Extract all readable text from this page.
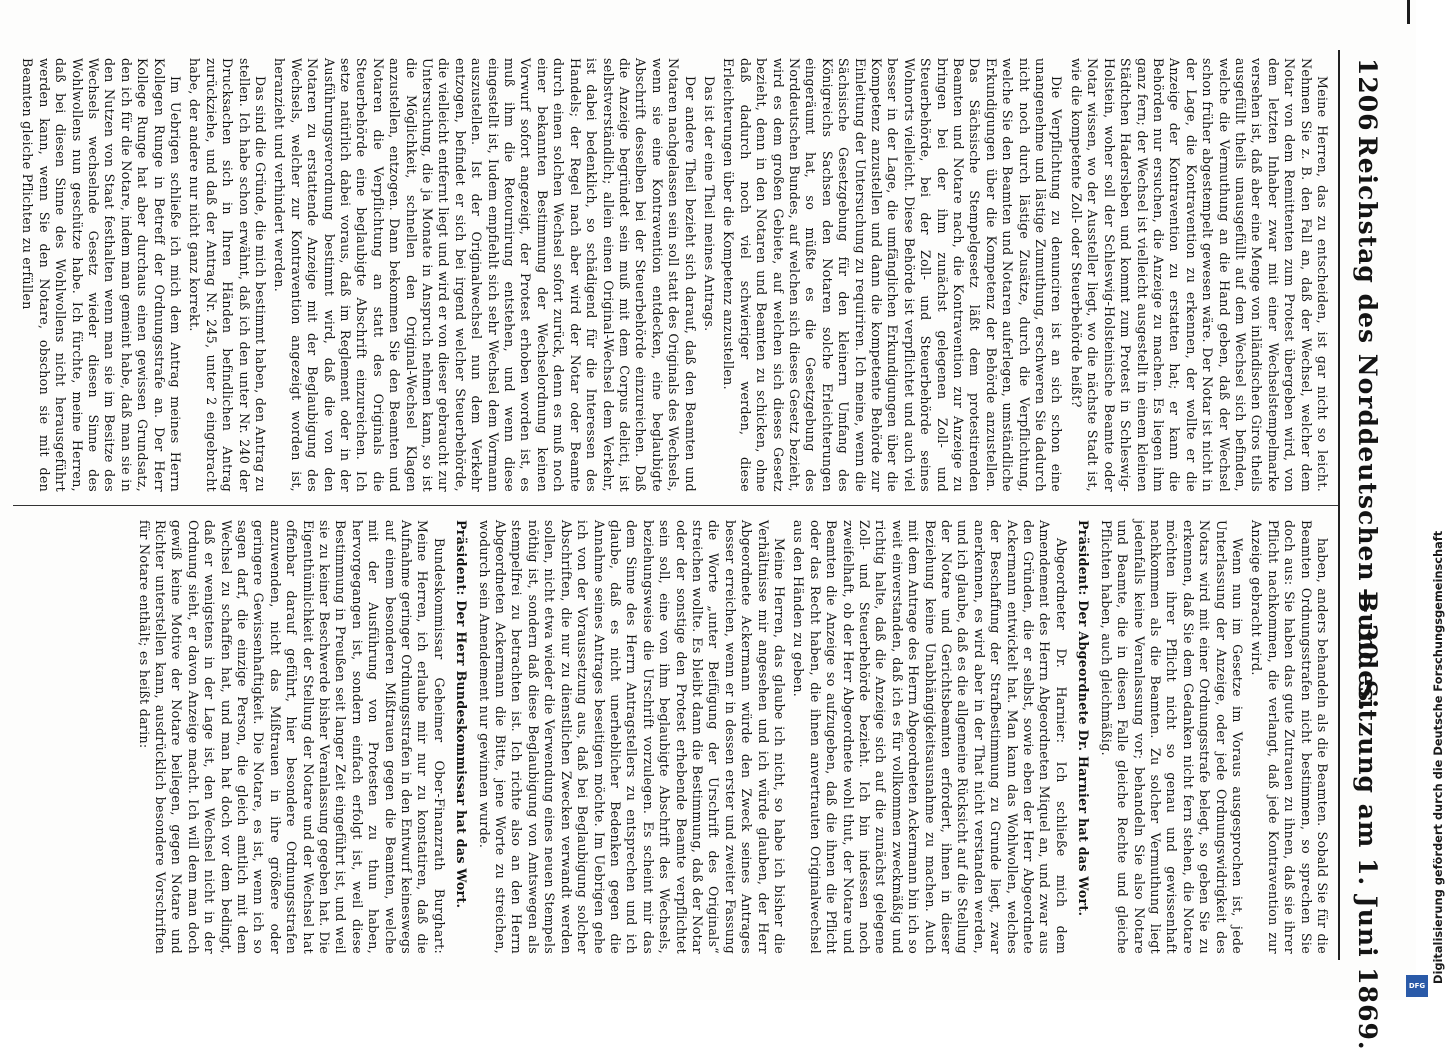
1206
Reichstag des Norddeutschen Bundes.
— 30. Sitzung am 1. Juni 1869.

Meine Herren, das zu entscheiden, ist gar nicht so leicht. Nehmen Sie z. B. den Fall an, daß der Wechsel, welcher dem Notar von dem Remittenten zum Protest übergeben wird, von dem letzten Inhaber zwar mit einer Wechselstempelmarke versehen ist, daß aber eine Menge von inländischen Giros theils ausgefüllt theils unausgefüllt auf dem Wechsel sich befinden, welche die Vermuthung an die Hand geben, daß der Wechsel schon früher abgestempelt gewesen wäre. Der Notar ist nicht in der Lage, die Kontravention zu erkennen, der wollte er die Anzeige der Kontravention zu erstatten hat; er kann die Behörden nur ersuchen, die Anzeige zu machen. Es liegen ihm ganz fern; der Wechsel ist vielleicht ausgestellt in einem kleinen Städtchen Hadersleben und kommt zum Protest in Schleswig-Holstein, woher soll der Schleswig-Holsteinische Beamte oder Notar wissen, wo der Aussteller liegt, wo die nächste Stadt ist, wie die kompetente Zoll- oder Steuerbehörde heißt?

Die Verpflichtung zu denunciren ist an sich schon eine unangenehme und lästige Zumuthung, erschweren Sie dadurch nicht noch durch lästige Zusätze, durch die Verpflichtung, welche Sie den Beamten und Notaren auferlegen, umständliche Erkundigungen über die Kompetenz der Behörde anzustellen. Das Sächsische Stempelgesetz läßt dem protestirenden Beamten und Notare nach, die Kontravention zur Anzeige zu bringen bei der ihm zunächst gelegenen Zoll- und Steuerbehörde, bei der Zoll- und Steuerbehörde seines Wohnorts vielleicht. Diese Behörde ist verpflichtet und auch viel besser in der Lage, die umfänglichen Erkundigungen über die Kompetenz anzustellen und dann die kompetente Behörde zur Einleitung der Untersuchung zu requiriren. Ich meine, wenn die Sächsische Gesetzgebung für den kleinern Umfang des Königreichs Sachsen den Notaren solche Erleichterungen eingeräumt hat, so müßte es die Gesetzgebung des Norddeutschen Bundes, auf welchen sich dieses Gesetz bezieht, wird es dem großen Gebiete, auf welchen sich dieses Gesetz bezieht, denn in den Notaren und Beamten zu schicken, ohne daß dadurch noch viel schwieriger werden, diese Erleichterungen über die Kompetenz anzustellen.

Das ist der eine Theil meines Antrags.

Der andere Theil bezieht sich darauf, daß den Beamten und Notaren nachgelassen sein soll statt des Originals des Wechsels, wenn sie eine Kontravention entdecken, eine beglaubigte Abschrift desselben bei der Steuerbehörde einzureichen. Daß die Anzeige begründet sein muß mit dem Corpus delicti, ist selbstverständlich; allein einen Original-Wechsel dem Verkehr, ist dabei bedenklich, so schädigend für die Interessen des Handels; der Regel nach aber wird der Notar oder Beamte durch einen solchen Wechsel sofort zurück, denn es muß noch einer bekannten Bestimmung der Wechselordnung keinen Vorwurf sofort angezeigt, der Protest erhoben worden ist, es muß ihm die Retournirung entstehen, und wenn diese eingestellt ist, Iudem empfiehlt sich sehr Wechsel dem Vormann auszustellen. Ist der Originalwechsel nun dem Verkehr entzogen, befindet er sich bei irgend welcher Steuerbehörde, die vielleicht entfernt liegt und wird er von dieser gebraucht zur Untersuchung, die ja Monate in Anspruch nehmen kann, so ist die Möglichkeit, schnellen den Original-Wechsel Klagen anzustellen, entzogen. Dann bekommen Sie den Beamten und Notaren die Verpflichtung an statt des Originals die Steuerbehörde eine beglaubigte Abschrift einzureichen. Ich setze natürlich dabei voraus, daß im Reglement oder in der Ausführungsverordnung bestimmt wird, daß die von den Notaren zu erstattende Anzeige mit der Beglaubigung des Wechsels, welcher zur Kontravention angezeigt worden ist, heranzieht und verhindert werden.

Das sind die Gründe, die mich bestimmt haben, den Antrag zu stellen. Ich habe schon erwähnt, daß ich den unter Nr. 240 der Drucksachen sich in Ihren Händen befindlichen Antrag zurückziehe, und daß der Antrag Nr. 245, unter 2 eingebracht habe, der andere nur nicht ganz korrekt.

Im Uebrigen schließe ich mich dem Antrag meines Herrn Kollegen Runge in Betreff der Ordnungsstrafe an. Der Herr Kollege Runge hat aber durchaus einen gewissen Grundsatz, den ich für die Notare, indem man gemeint habe, daß man sie in den Nutzen von Staat festhalten wenn man sie im Besitze des Wechsels wechselnde Gesetz wieder diesen Sinne des Wohlwollens nun geschütze habe. Ich fürchte, meine Herren, daß bei diesen Sinne des Wohlwollens nicht herausgeführt werden kann, wenn Sie den Notare, obschon sie mit den Beamten gleiche Pflichten zu erfüllen

haben, anders behandeln als die Beamten. Sobald Sie für die Beamten Ordnungsstrafen nicht bestimmen, so sprechen Sie doch aus: Sie haben das gute Zutrauen zu ihnen, daß sie ihrer Pflicht nachkommen, die verlangt, daß jede Kontravention zur Anzeige gebracht wird.

Wenn nun im Gesetze im Voraus ausgesprochen ist, jede Unterlassung der Anzeige, oder jede Ordnungswidrigkeit des Notars wird mit einer Ordnungsstrafe belegt, so geben Sie zu erkennen, daß Sie dem Gedanken nicht fern stehen, die Notare möchten ihrer Pflicht nicht so genau und gewissenhaft nachkommen als die Beamten. Zu solcher Vermuthung liegt jedenfalls keine Veranlassung vor; behandeln Sie also Notare und Beamte, die in diesen Falle gleiche Rechte und gleiche Pflichten haben, auch gleichmäßig.

Präsident: Der Abgeordnete Dr. Harnier hat das Wort.

Abgeordneter Dr. Harnier: Ich schließe mich dem Amendement des Herrn Abgeordneten Miquel an, und zwar aus den Gründen, die er selbst, sowie eben der Herr Abgeordnete Ackermann entwickelt hat. Man kann das Wohlwollen, welches der Beschaffung der Strafbestimmung zu Grunde liegt, zwar anerkennen, es wird aber in der That nicht verstanden werden, und ich glaube, daß es die allgemeine Rücksicht auf die Stellung der Notare und Gerichtsbeamten erfordert, ihnen in dieser Beziehung keine Unabhängigkeitsausnahme zu machen. Auch mit dem Antrage des Herrn Abgeordneten Ackermann bin ich so weit einverstanden, daß ich es für vollkommen zweckmäßig und richtig halte, daß die Anzeige sich auf die zunächst gelegene Zoll- und Steuerbehörde bezieht. Ich bin indessen noch zweifelhaft, ob der Herr Abgeordnete wohl thut, der Notare und Beamten die Anzeige so aufzugeben, daß die ihnen die Pflicht oder das Recht haben, die ihnen anvertrauten Originalwechsel aus den Händen zu geben.

Meine Herren, das glaube ich nicht, so habe ich bisher die Verhältnisse mir angesehen und ich würde glauben, der Herr Abgeordnete Ackermann würde den Zweck seines Antrages besser erreichen, wenn er in dessen erster und zweiter Fassung die Worte „unter Beifügung der Urschrift des Originals“ streichen wollte. Es bleibt dann die Bestimmung, daß der Notar oder der sonstige den Protest erhebende Beamte verpflichtet sein soll, eine von ihm beglaubigte Abschrift des Wechsels, beziehungsweise die Urschrift vorzulegen. Es scheint mir das dem Sinne des Herrn Antragstellers zu entsprechen und ich glaube, daß es nicht unerheblicher Bedenken gegen die Annahme seines Antrages beseitigen möchte. Im Uebrigen gehe ich von der Voraussetzung aus, daß bei Beglaubigung solcher Abschriften, die nur zu dienstlichen Zwecken verwandt werden sollen, nicht etwa wieder die Verwendung eines neuen Stempels nöthig ist, sondern daß diese Beglaubigung von Amtswegen als stempelfrei zu betrachten ist. Ich richte also an den Herrn Abgeordneten Ackermann die Bitte, jene Worte zu streichen, wodurch sein Amendement nur gewinnen wurde.

Präsident: Der Herr Bundeskommissar hat das Wort.

Bundeskommissar Geheimer Ober-Finanzrath Burghart: Meine Herren, ich erlaube mir nur zu konstatiren, daß die Aufnahme geringer Ordnungsstrafen in den Entwurf keineswegs auf einem besonderen Mißtrauen gegen die Beamten, welche mit der Ausführung von Protesten zu thun haben, hervorgegangen ist, sondern einfach erfolgt ist, weil diese Bestimmung in Preußen seit langer Zeit eingeführt ist, und weil sie zu keiner Beschwerde bisher Veranlassung gegeben hat. Die Eigenthümlichkeit der Stellung der Notare und der Wechsel hat offenbar darauf geführt, hier besondere Ordnungsstrafen anzuwenden, nicht das Mißtrauen in ihre größere oder geringere Gewissenhaftigkeit. Die Notare, es ist, wenn ich so sagen darf, die einzige Person, die gleich amtlich mit dem Wechsel zu schaffen hat, und man hat doch vor dem bedingt, daß er wenigstens in der Lage ist, den Wechsel nicht in der Ordnung sieht, er davon Anzeige macht. Ich will dem man doch gewiß keine Motive der Notare beilegen, gegen Notare und Richter unterstellen kann, ausdrücklich besondere Vorschriften für Notare enthält; es heißt darin:

DFG
Digitalisierung gefördert durch die Deutsche Forschungsgemeinschaft
